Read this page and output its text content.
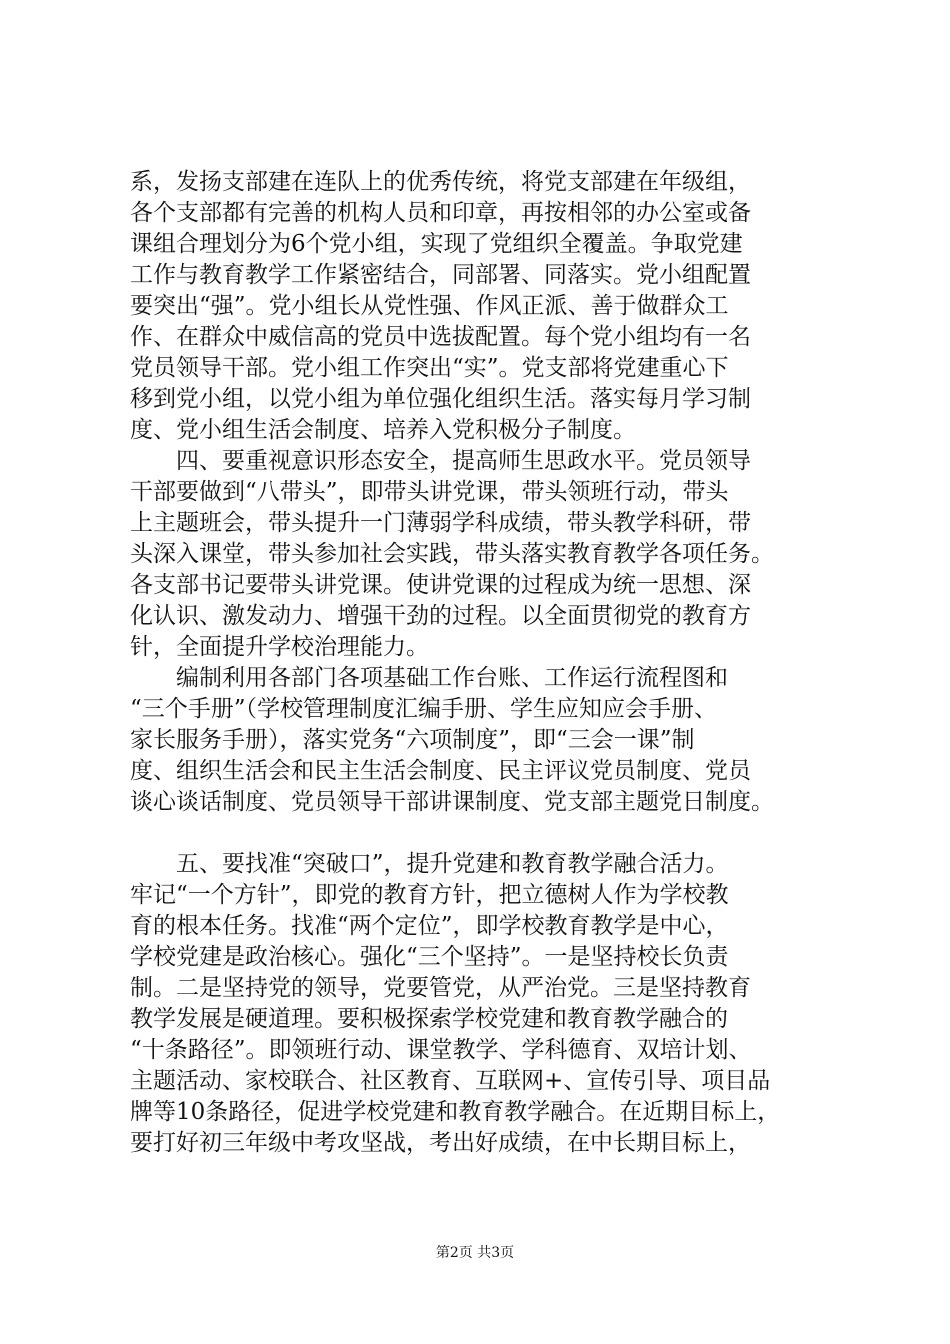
系，发扬支部建在连队上的优秀传统，将党支部建在年级组，
各个支部都有完善的机构人员和印章，再按相邻的办公室或备
课组合理划分为6个党小组，实现了党组织全覆盖。争取党建
工作与教育教学工作紧密结合，同部署、同落实。党小组配置
要突出“强”。党小组长从党性强、作风正派、善于做群众工
作、在群众中威信高的党员中选拔配置。每个党小组均有一名
党员领导干部。党小组工作突出“实”。党支部将党建重心下
移到党小组，以党小组为单位强化组织生活。落实每月学习制
度、党小组生活会制度、培养入党积极分子制度。
　　四、要重视意识形态安全，提高师生思政水平。党员领导
干部要做到“八带头”，即带头讲党课，带头领班行动，带头
上主题班会，带头提升一门薄弱学科成绩，带头教学科研，带
头深入课堂，带头参加社会实践，带头落实教育教学各项任务。
各支部书记要带头讲党课。使讲党课的过程成为统一思想、深
化认识、激发动力、增强干劲的过程。以全面贯彻党的教育方
针，全面提升学校治理能力。
　　编制利用各部门各项基础工作台账、工作运行流程图和
“三个手册”（学校管理制度汇编手册、学生应知应会手册、
家长服务手册），落实党务“六项制度”，即“三会一课”制
度、组织生活会和民主生活会制度、民主评议党员制度、党员
谈心谈话制度、党员领导干部讲课制度、党支部主题党日制度。
　　五、要找准“突破口”，提升党建和教育教学融合活力。
牢记“一个方针”，即党的教育方针，把立德树人作为学校教
育的根本任务。找准“两个定位”，即学校教育教学是中心，
学校党建是政治核心。强化“三个坚持”。一是坚持校长负责
制。二是坚持党的领导，党要管党，从严治党。三是坚持教育
教学发展是硬道理。要积极探索学校党建和教育教学融合的
“十条路径”。即领班行动、课堂教学、学科德育、双培计划、
主题活动、家校联合、社区教育、互联网+、宣传引导、项目品
牌等10条路径，促进学校党建和教育教学融合。在近期目标上，
要打好初三年级中考攻坚战，考出好成绩，在中长期目标上，
第2页 共3页
